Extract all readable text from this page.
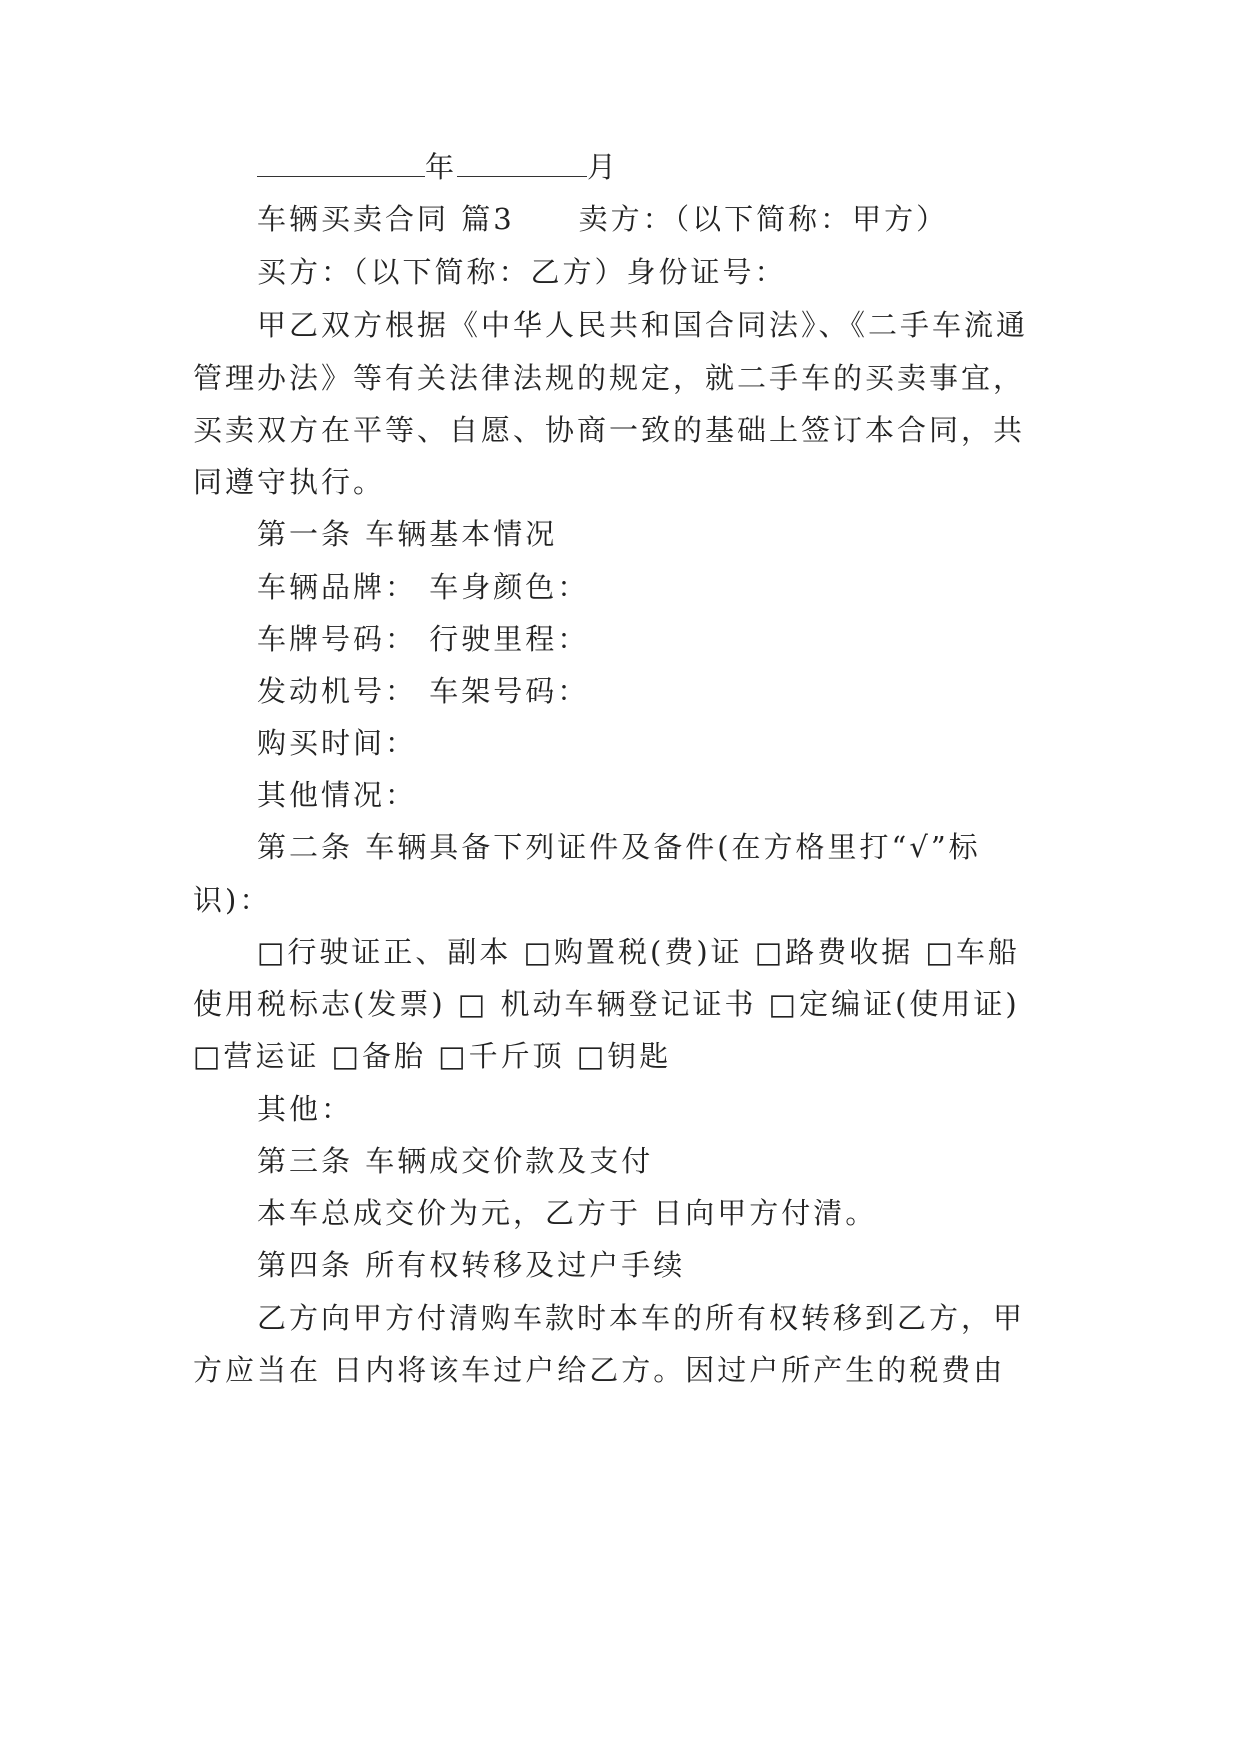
年	月
车辆买卖合同 篇3　　卖方：（以下简称：甲方）
买方：（以下简称：乙方）身份证号：
甲乙双方根据《中华人民共和国合同法》、《二手车流通
管理办法》等有关法律法规的规定，就二手车的买卖事宜，
买卖双方在平等、自愿、协商一致的基础上签订本合同，共
同遵守执行。
第一条 车辆基本情况
车辆品牌： 车身颜色：
车牌号码： 行驶里程：
发动机号： 车架号码：
购买时间：
其他情况：
第二条 车辆具备下列证件及备件(在方格里打“√”标
识)：
□行驶证正、副本 □购置税(费)证 □路费收据 □车船
使用税标志(发票) □ 机动车辆登记证书 □定编证(使用证)
□营运证 □备胎 □千斤顶 □钥匙
其他：
第三条 车辆成交价款及支付
本车总成交价为元，乙方于 日向甲方付清。
第四条 所有权转移及过户手续
乙方向甲方付清购车款时本车的所有权转移到乙方，甲
方应当在 日内将该车过户给乙方。因过户所产生的税费由
